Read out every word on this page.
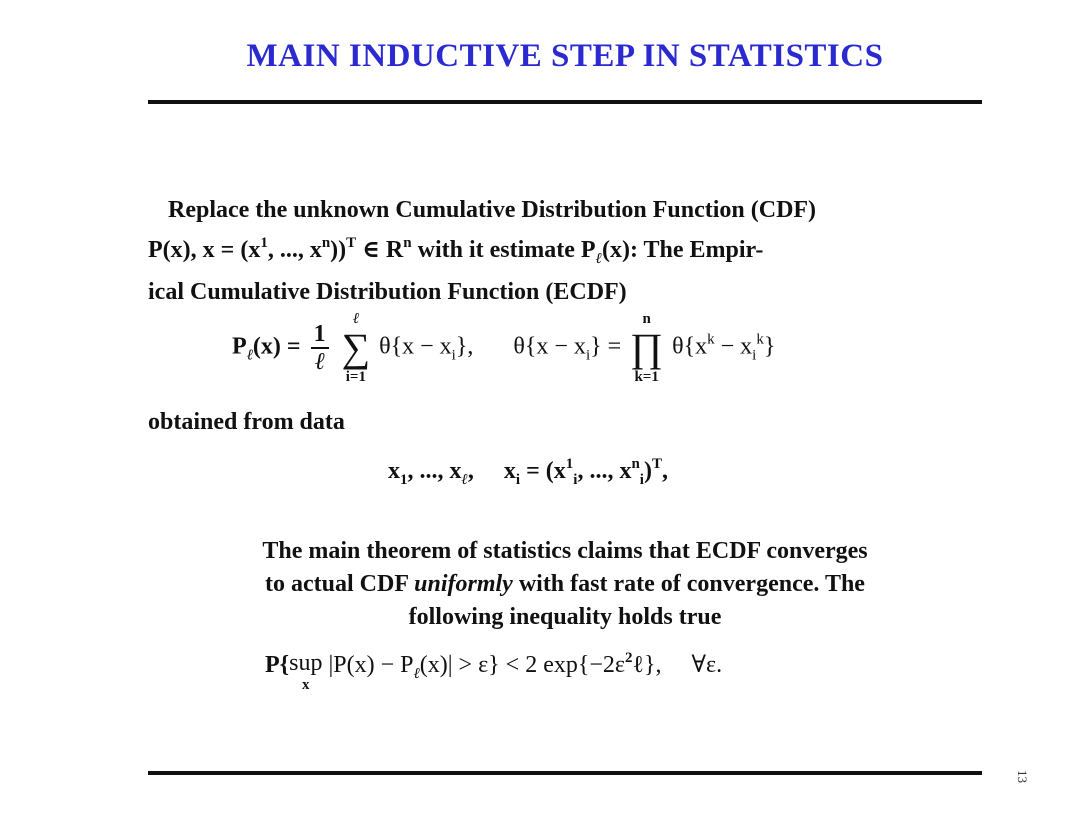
MAIN INDUCTIVE STEP IN STATISTICS
Replace the unknown Cumulative Distribution Function (CDF)
P(x), $x = (x^1$, ..., $x^n))^T$ ∈ $R^n$ with it estimate $P_\ell(x)$: The Empir-
ical Cumulative Distribution Function (ECDF)
$P_\ell(x) = \frac{1}{\text{ℓ}}$

ℓ
∑
i=1
$\theta\{x - x_i\}$, $\theta\{x - x_i\}$ =
n
∏
k=1
$\theta\{x^k - x_i^k\}$
obtained from data
$x_1$, ..., $x_\ell$,     $x_i = (x^1_i$, ..., $x^n_i)^T$,
The main theorem of statistics claims that ECDF converges
to actual CDF uniformly with fast rate of convergence. The
following inequality holds true
P{sup
x
$|P(x) - P_\ell(x)| > \varepsilon\} < 2$ $\exp\{-2\varepsilon^2\ell\}$,     ∀ε.
13
